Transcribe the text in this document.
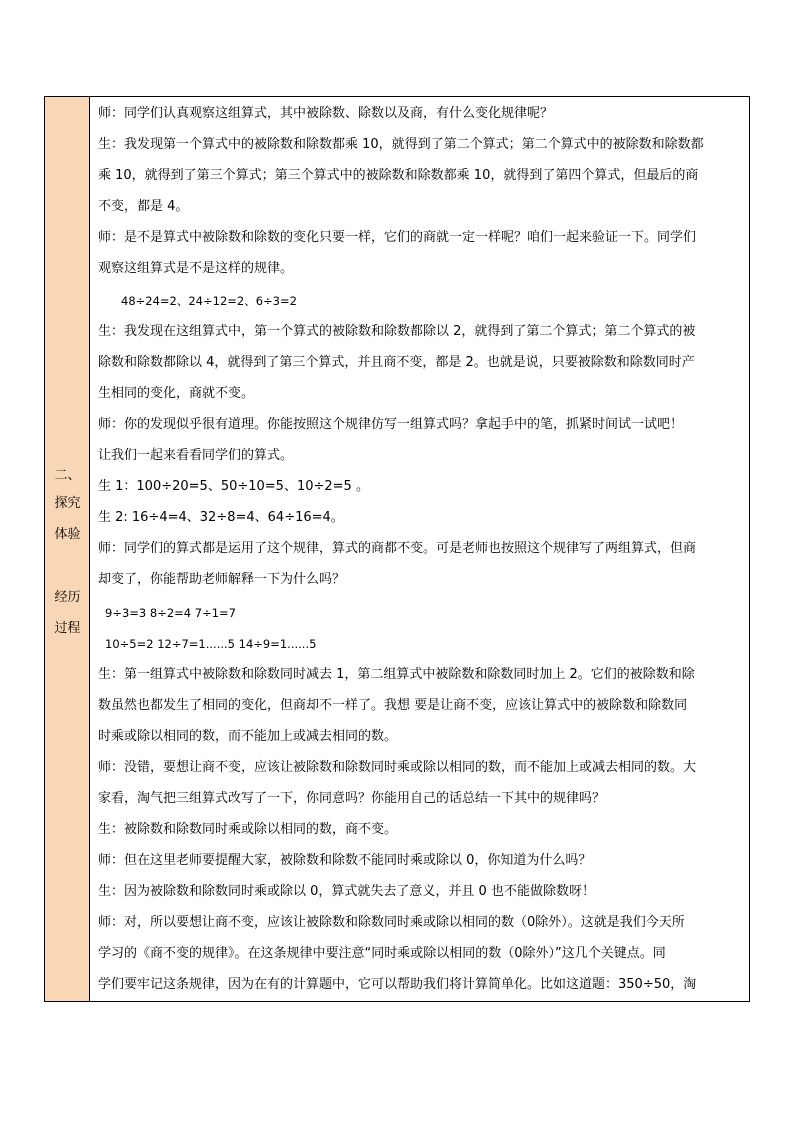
二、
探究
体验
经历
过程
师：同学们认真观察这组算式，其中被除数、除数以及商，有什么变化规律呢？
生：我发现第一个算式中的被除数和除数都乘 10，就得到了第二个算式；第二个算式中的被除数和除数都
乘 10，就得到了第三个算式；第三个算式中的被除数和除数都乘 10，就得到了第四个算式，但最后的商
不变，都是 4。
师：是不是算式中被除数和除数的变化只要一样，它们的商就一定一样呢？咱们一起来验证一下。同学们
观察这组算式是不是这样的规律。
48÷24=2、24÷12=2、6÷3=2
生：我发现在这组算式中，第一个算式的被除数和除数都除以 2，就得到了第二个算式；第二个算式的被
除数和除数都除以 4，就得到了第三个算式，并且商不变，都是 2。也就是说，只要被除数和除数同时产
生相同的变化，商就不变。
师：你的发现似乎很有道理。你能按照这个规律仿写一组算式吗？拿起手中的笔，抓紧时间试一试吧！
让我们一起来看看同学们的算式。
生 1：100÷20=5、50÷10=5、10÷2=5 。
生 2: 16÷4=4、32÷8=4、64÷16=4。
师：同学们的算式都是运用了这个规律，算式的商都不变。可是老师也按照这个规律写了两组算式，但商
却变了，你能帮助老师解释一下为什么吗？
9÷3=3 8÷2=4 7÷1=7
10÷5=2 12÷7=1......5 14÷9=1......5
生：第一组算式中被除数和除数同时减去 1，第二组算式中被除数和除数同时加上 2。它们的被除数和除
数虽然也都发生了相同的变化，但商却不一样了。我想 要是让商不变，应该让算式中的被除数和除数同
时乘或除以相同的数，而不能加上或减去相同的数。
师：没错，要想让商不变，应该让被除数和除数同时乘或除以相同的数，而不能加上或减去相同的数。大
家看，淘气把三组算式改写了一下，你同意吗？你能用自己的话总结一下其中的规律吗？
生：被除数和除数同时乘或除以相同的数，商不变。
师：但在这里老师要提醒大家，被除数和除数不能同时乘或除以 0，你知道为什么吗？
生：因为被除数和除数同时乘或除以 0，算式就失去了意义，并且 0 也不能做除数呀！
师：对，所以要想让商不变，应该让被除数和除数同时乘或除以相同的数（0除外）。这就是我们今天所
学习的《商不变的规律》。在这条规律中要注意“同时乘或除以相同的数（0除外）”这几个关键点。同
学们要牢记这条规律，因为在有的计算题中，它可以帮助我们将计算简单化。比如这道题：350÷50，淘
